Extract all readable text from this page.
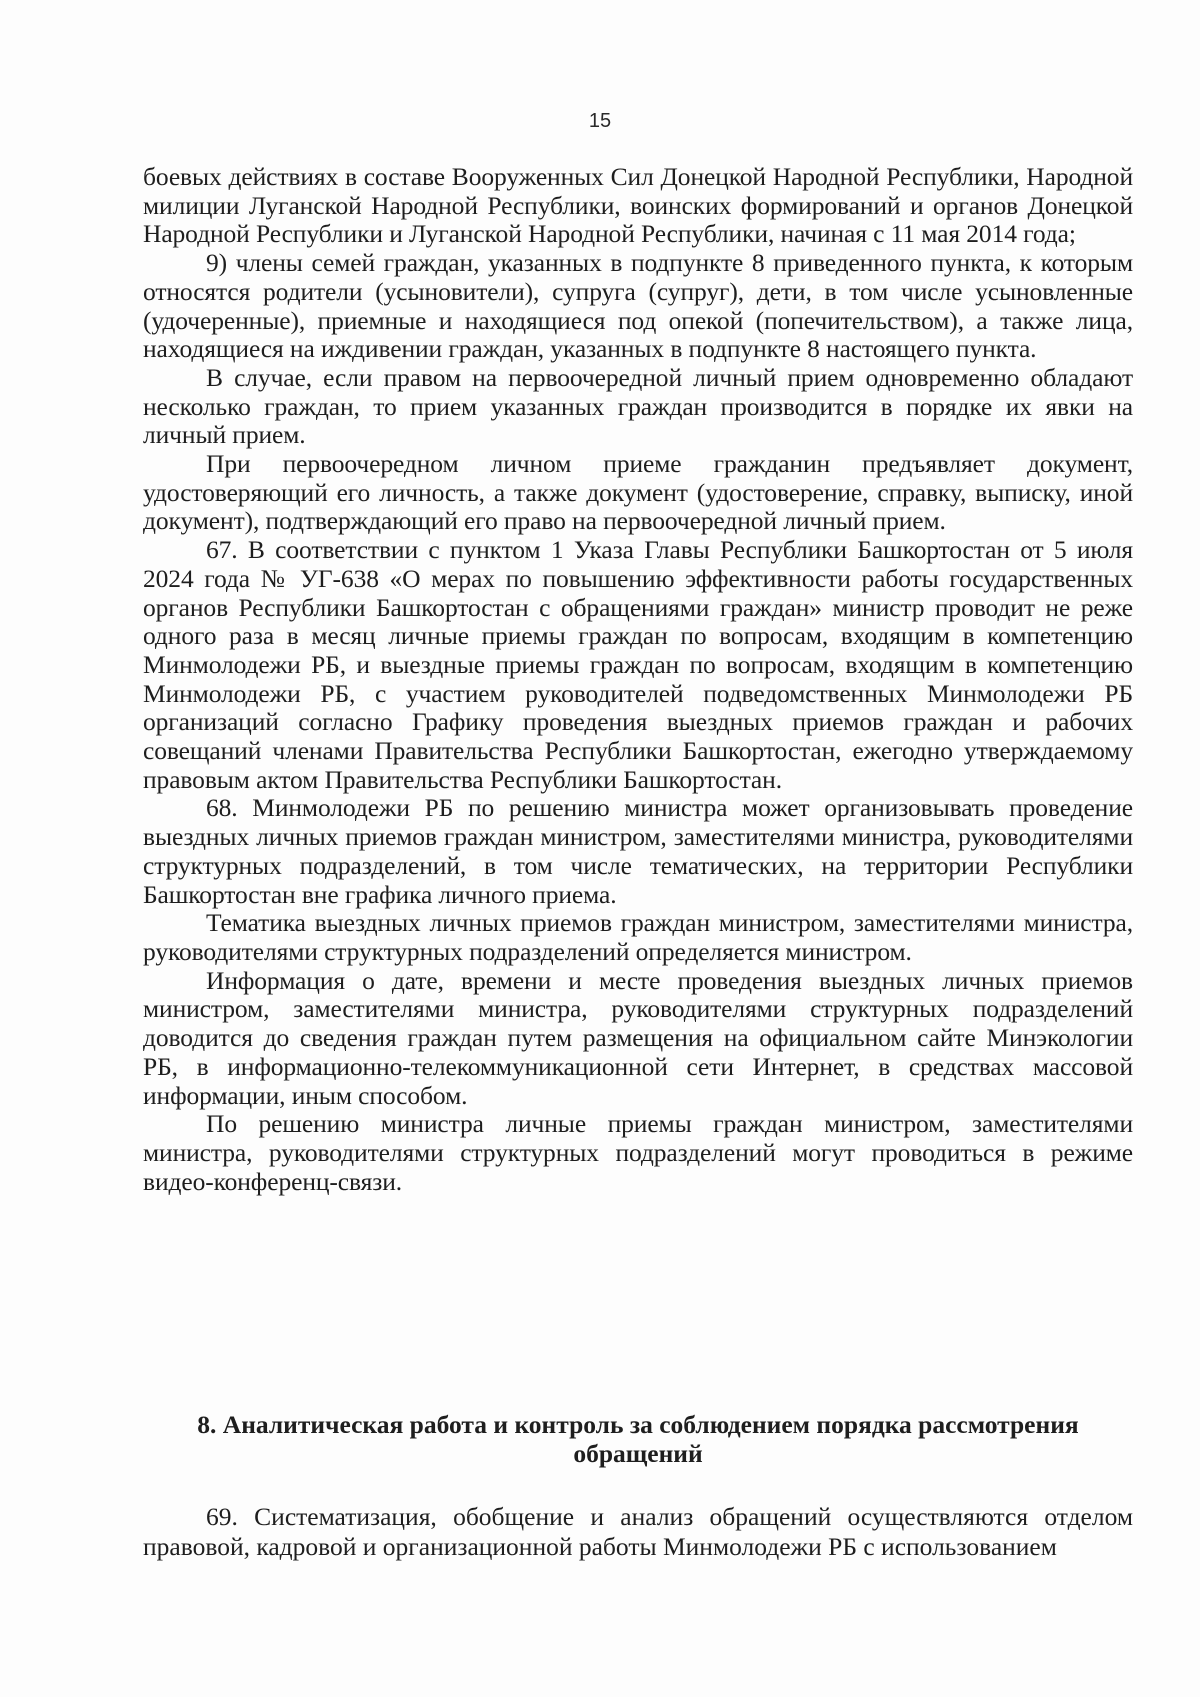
15

боевых действиях в составе Вооруженных Сил Донецкой Народной Республики, Народной милиции Луганской Народной Республики, воинских формирований и органов Донецкой Народной Республики и Луганской Народной Республики, начиная с 11 мая 2014 года;

9) члены семей граждан, указанных в подпункте 8 приведенного пункта, к которым относятся родители (усыновители), супруга (супруг), дети, в том числе усыновленные (удочеренные), приемные и находящиеся под опекой (попечительством), а также лица, находящиеся на иждивении граждан, указанных в подпункте 8 настоящего пункта.

В случае, если правом на первоочередной личный прием одновременно обладают несколько граждан, то прием указанных граждан производится в порядке их явки на личный прием.

При первоочередном личном приеме гражданин предъявляет документ, удостоверяющий его личность, а также документ (удостоверение, справку, выписку, иной документ), подтверждающий его право на первоочередной личный прием.

67. В соответствии с пунктом 1 Указа Главы Республики Башкортостан от 5 июля 2024 года № УГ-638 «О мерах по повышению эффективности работы государственных органов Республики Башкортостан с обращениями граждан» министр проводит не реже одного раза в месяц личные приемы граждан по вопросам, входящим в компетенцию Минмолодежи РБ, и выездные приемы граждан по вопросам, входящим в компетенцию Минмолодежи РБ, с участием руководителей подведомственных Минмолодежи РБ организаций согласно Графику проведения выездных приемов граждан и рабочих совещаний членами Правительства Республики Башкортостан, ежегодно утверждаемому правовым актом Правительства Республики Башкортостан.

68. Минмолодежи РБ по решению министра может организовывать проведение выездных личных приемов граждан министром, заместителями министра, руководителями структурных подразделений, в том числе тематических, на территории Республики Башкортостан вне графика личного приема.

Тематика выездных личных приемов граждан министром, заместителями министра, руководителями структурных подразделений определяется министром.

Информация о дате, времени и месте проведения выездных личных приемов министром, заместителями министра, руководителями структурных подразделений доводится до сведения граждан путем размещения на официальном сайте Минэкологии РБ, в информационно-телекоммуникационной сети Интернет, в средствах массовой информации, иным способом.

По решению министра личные приемы граждан министром, заместителями министра, руководителями структурных подразделений могут проводиться в режиме видео-конференц-связи.

8. Аналитическая работа и контроль за соблюдением порядка рассмотрения обращений

69. Систематизация, обобщение и анализ обращений осуществляются отделом правовой, кадровой и организационной работы Минмолодежи РБ с использованием
